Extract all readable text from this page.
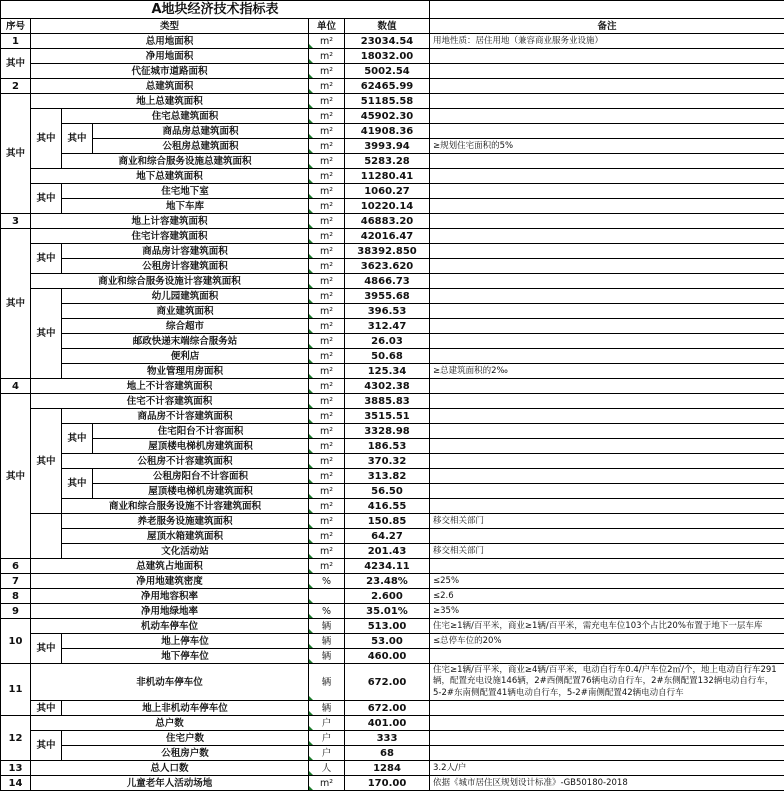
A地块经济技术指标表						
序号	类型			单位	数值	备注
1	总用地面积			m²	23034.54	用地性质：居住用地（兼容商业服务业设施）
其中	净用地面积			m²	18032.00	
	代征城市道路面积			m²	5002.54	
2	总建筑面积			m²	62465.99	
其中	地上总建筑面积			m²	51185.58	
	其中	住宅总建筑面积		m²	45902.30	
		其中	商品房总建筑面积	m²	41908.36	
			公租房总建筑面积	m²	3993.94	≥规划住宅面积的5%
		商业和综合服务设施总建筑面积		m²	5283.28	
	地下总建筑面积			m²	11280.41	
	其中	住宅地下室		m²	1060.27	
		地下车库		m²	10220.14	
3	地上计容建筑面积			m²	46883.20	
其中	住宅计容建筑面积			m²	42016.47	
	其中	商品房计容建筑面积		m²	38392.850	
		公租房计容建筑面积		m²	3623.620	
	商业和综合服务设施计容建筑面积			m²	4866.73	
	其中	幼儿园建筑面积		m²	3955.68	
		商业建筑面积		m²	396.53	
		综合超市		m²	312.47	
		邮政快递末端综合服务站		m²	26.03	
		便利店		m²	50.68	
		物业管理用房面积		m²	125.34	≥总建筑面积的2‰
4	地上不计容建筑面积			m²	4302.38	
其中	住宅不计容建筑面积			m²	3885.83	
	其中	商品房不计容建筑面积		m²	3515.51	
		其中	住宅阳台不计容面积	m²	3328.98	
			屋顶楼电梯机房建筑面积	m²	186.53	
		公租房不计容建筑面积		m²	370.32	
		其中	公租房阳台不计容面积	m²	313.82	
			屋顶楼电梯机房建筑面积	m²	56.50	
		商业和综合服务设施不计容建筑面积		m²	416.55	
		养老服务设施建筑面积		m²	150.85	移交相关部门
		屋顶水箱建筑面积		m²	64.27	
		文化活动站		m²	201.43	移交相关部门
6	总建筑占地面积			m²	4234.11	
7	净用地建筑密度			%	23.48%	≤25%
8	净用地容积率				2.600	≤2.6
9	净用地绿地率			%	35.01%	≥35%
10	机动车停车位			辆	513.00	住宅≥1辆/百平米，商业≥1辆/百平米，需充电车位103个占比20%布置于地下一层车库
	其中	地上停车位		辆	53.00	≤总停车位的20%
		地下停车位		辆	460.00	
11	非机动车停车位			辆	672.00	住宅≥1辆/百平米，商业≥4辆/百平米，电动自行车0.4/户车位2㎡/个，地上电动自行车291辆，配置充电设施146辆，2#西侧配置76辆电动自行车，2#东侧配置132辆电动自行车，5-2#东南侧配置41辆电动自行车，5-2#南侧配置42辆电动自行车
	其中	地上非机动车停车位		辆	672.00	
12	总户数			户	401.00	
	其中	住宅户数		户	333	
		公租房户数		户	68	
13	总人口数			人	1284	3.2人/户
14	儿童老年人活动场地			m²	170.00	依据《城市居住区规划设计标准》-GB50180-2018
